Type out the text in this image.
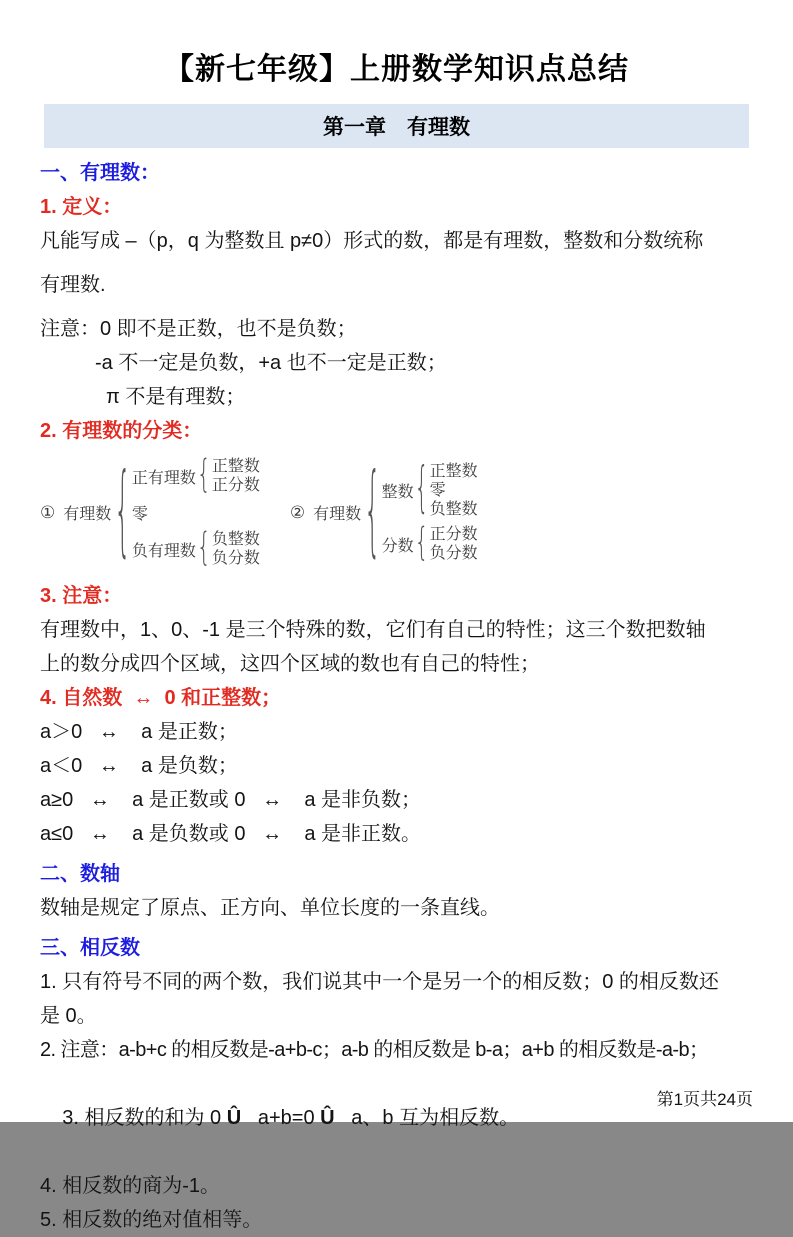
【新七年级】上册数学知识点总结
第一章　有理数
一、有理数：
1. 定义：
凡能写成 –（p，q 为整数且 p≠0）形式的数，都是有理数，整数和分数统称
有理数.
注意：0 即不是正数，也不是负数；
-a 不一定是负数，+a 也不一定是正数；
π 不是有理数；
2. 有理数的分类：
① 有理数 { 正有理数 { 正整数
正分数
零
负有理数 { 负整数
负分数
② 有理数 { 整数 { 正整数
零
负整数
分数 { 正分数
负分数
3. 注意：
有理数中，1、0、-1 是三个特殊的数，它们有自己的特性；这三个数把数轴
上的数分成四个区域，这四个区域的数也有自己的特性；
4. 自然数  ↔  0 和正整数；
a＞0   ↔    a 是正数；
a＜0   ↔    a 是负数；
a≥0   ↔    a 是正数或 0   ↔    a 是非负数；
a≤0   ↔    a 是负数或 0   ↔    a 是非正数。
二、数轴
数轴是规定了原点、正方向、单位长度的一条直线。
三、相反数
1. 只有符号不同的两个数，我们说其中一个是另一个的相反数；0 的相反数还
是 0。
2. 注意：a-b+c 的相反数是-a+b-c；a-b 的相反数是 b-a；a+b 的相反数是-a-b；

3. 相反数的和为 0 Û   a+b=0 Û   a、b 互为相反数。

4. 相反数的商为-1。
5. 相反数的绝对值相等。
第1页共24页
